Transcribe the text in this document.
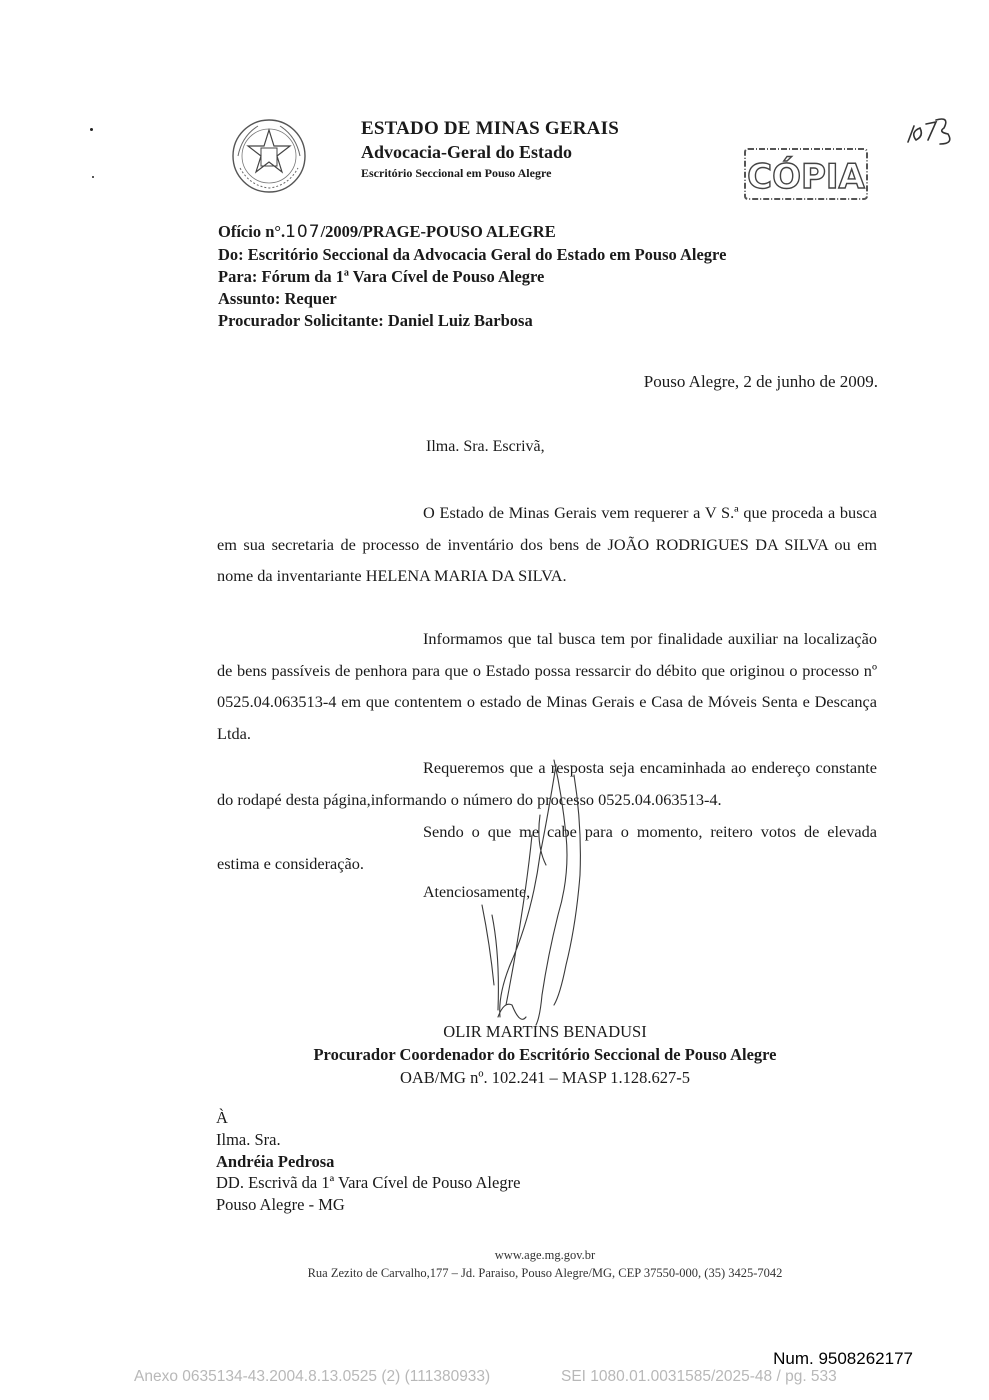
ESTADO DE MINAS GERAIS
Advocacia-Geral do Estado
Escritório Seccional em Pouso Alegre	CÓPIA
Ofício n°.107/2009/PRAGE-POUSO ALEGRE
Do: Escritório Seccional da Advocacia Geral do Estado em Pouso Alegre
Para: Fórum da 1ª Vara Cível de Pouso Alegre
Assunto: Requer
Procurador Solicitante: Daniel Luiz Barbosa
Pouso Alegre, 2 de junho de 2009.
Ilma. Sra. Escrivã,
O Estado de Minas Gerais vem requerer a V S.ª que proceda a busca em sua secretaria de processo de inventário dos bens de JOÃO RODRIGUES DA SILVA ou em nome da inventariante HELENA MARIA DA SILVA.
Informamos que tal busca tem por finalidade auxiliar na localização de bens passíveis de penhora para que o Estado possa ressarcir do débito que originou o processo nº 0525.04.063513-4 em que contentem o estado de Minas Gerais e Casa de Móveis Senta e Descança Ltda.
Requeremos que a resposta seja encaminhada ao endereço constante do rodapé desta página,informando o número do processo 0525.04.063513-4.
Sendo o que me cabe para o momento, reitero votos de elevada estima e consideração.
Atenciosamente,
OLIR MARTINS BENADUSI
Procurador Coordenador do Escritório Seccional de Pouso Alegre
OAB/MG nº. 102.241 – MASP 1.128.627-5
À
Ilma. Sra.
Andréia Pedrosa
DD. Escrivã da 1ª Vara Cível de Pouso Alegre
Pouso Alegre - MG
www.age.mg.gov.br
Rua Zezito de Carvalho,177 – Jd. Paraiso, Pouso Alegre/MG, CEP 37550-000, (35) 3425-7042
Num. 9508262177
Anexo 0635134-43.2004.8.13.0525 (2) (111380933)	SEI 1080.01.0031585/2025-48 / pg. 533
